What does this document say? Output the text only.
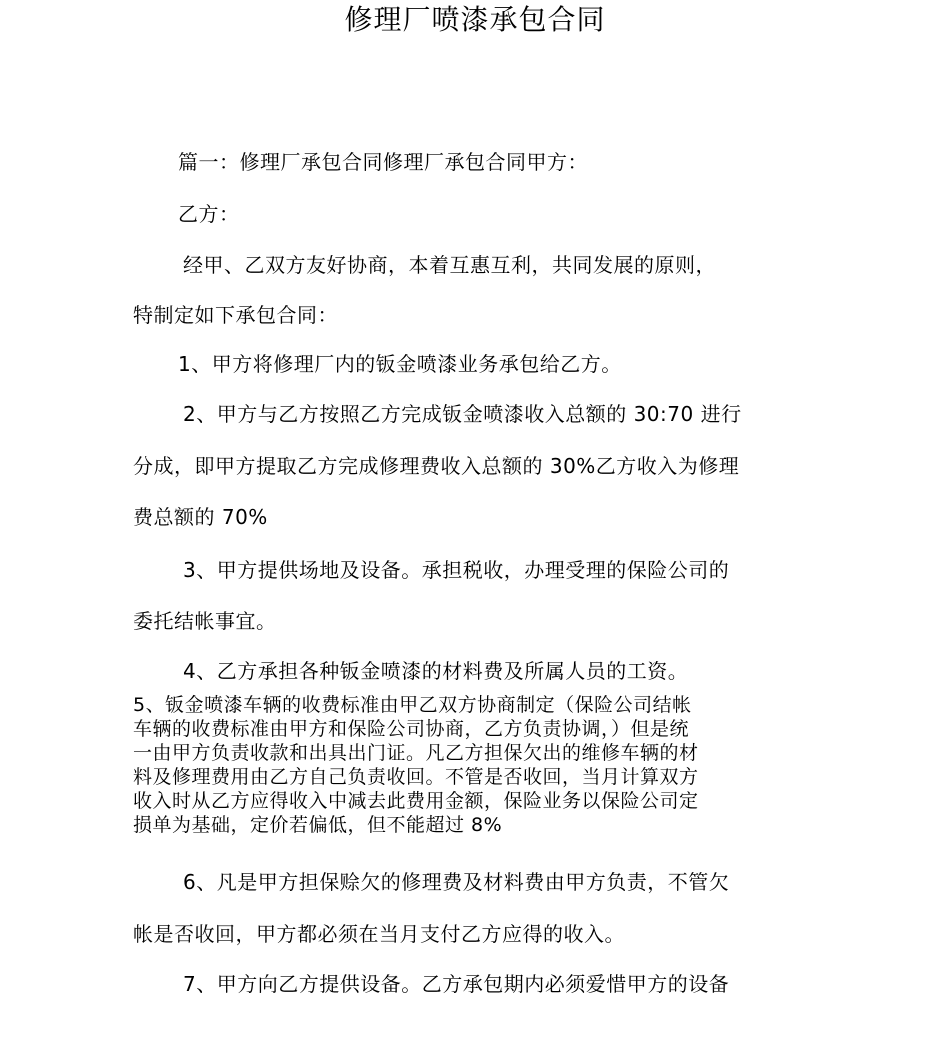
修理厂喷漆承包合同
篇一：修理厂承包合同修理厂承包合同甲方：
乙方：
经甲、乙双方友好协商，本着互惠互利，共同发展的原则，
特制定如下承包合同：
1、甲方将修理厂内的钣金喷漆业务承包给乙方。
2、甲方与乙方按照乙方完成钣金喷漆收入总额的 30:70 进行
分成，即甲方提取乙方完成修理费收入总额的 30%乙方收入为修理
费总额的 70%
3、甲方提供场地及设备。承担税收，办理受理的保险公司的
委托结帐事宜。
4、乙方承担各种钣金喷漆的材料费及所属人员的工资。
5、钣金喷漆车辆的收费标准由甲乙双方协商制定（保险公司结帐
车辆的收费标准由甲方和保险公司协商，乙方负责协调，）但是统
一由甲方负责收款和出具出门证。凡乙方担保欠出的维修车辆的材
料及修理费用由乙方自己负责收回。不管是否收回，当月计算双方
收入时从乙方应得收入中减去此费用金额，保险业务以保险公司定
损单为基础，定价若偏低，但不能超过 8%
6、凡是甲方担保赊欠的修理费及材料费由甲方负责，不管欠
帐是否收回，甲方都必须在当月支付乙方应得的收入。
7、甲方向乙方提供设备。乙方承包期内必须爱惜甲方的设备
